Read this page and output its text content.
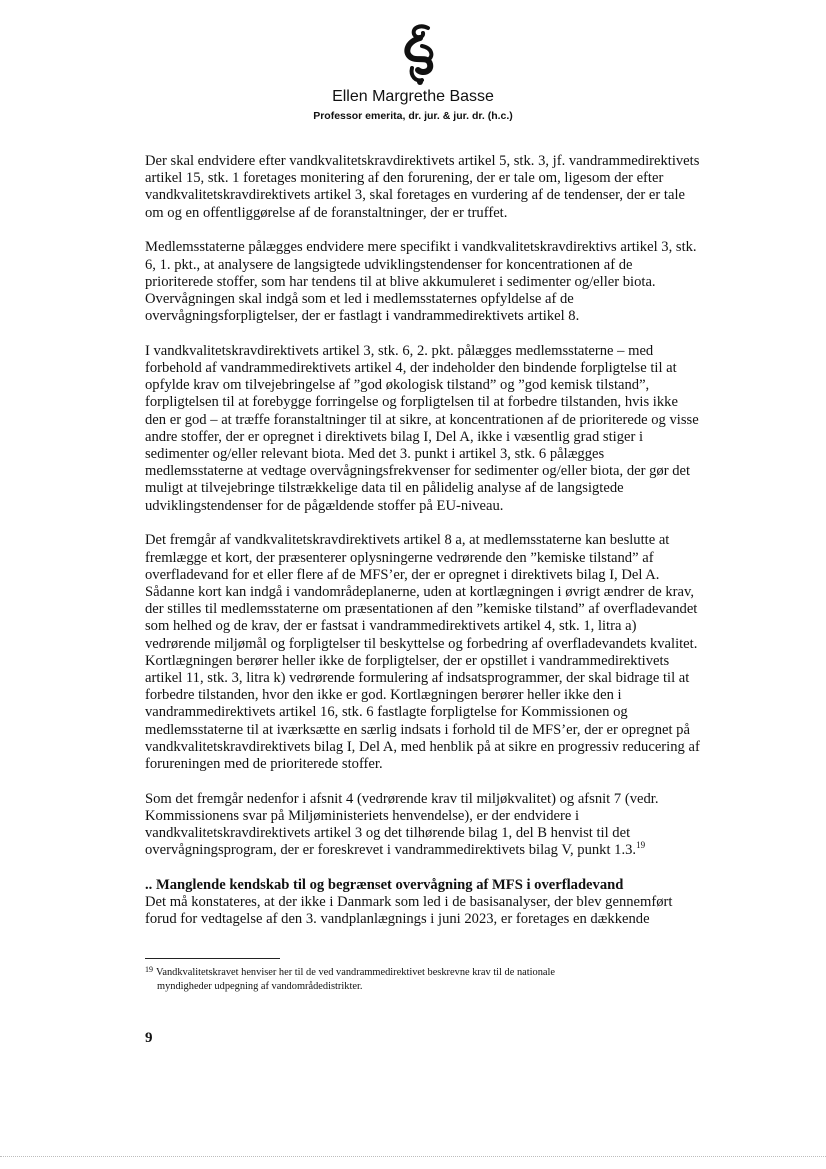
Ellen Margrethe Basse
Professor emerita, dr. jur. & jur. dr. (h.c.)

Der skal endvidere efter vandkvalitetskravdirektivets artikel 5, stk. 3, jf. vandrammedirektivets artikel 15, stk. 1 foretages monitering af den forurening, der er tale om, ligesom der efter vandkvalitetskravdirektivets artikel 3, skal foretages en vurdering af de tendenser, der er tale om og en offentliggørelse af de foranstaltninger, der er truffet.

Medlemsstaterne pålægges endvidere mere specifikt i vandkvalitetskravdirektivs artikel 3, stk. 6, 1. pkt., at analysere de langsigtede udviklingstendenser for koncentrationen af de prioriterede stoffer, som har tendens til at blive akkumuleret i sedimenter og/eller biota. Overvågningen skal indgå som et led i medlemsstaternes opfyldelse af de overvågningsforpligtelser, der er fastlagt i vandrammedirektivets artikel 8.

I vandkvalitetskravdirektivets artikel 3, stk. 6, 2. pkt. pålægges medlemsstaterne – med forbehold af vandrammedirektivets artikel 4, der indeholder den bindende forpligtelse til at opfylde krav om tilvejebringelse af ”god økologisk tilstand” og ”god kemisk tilstand”, forpligtelsen til at forebygge forringelse og forpligtelsen til at forbedre tilstanden, hvis ikke den er god – at træffe foranstaltninger til at sikre, at koncentrationen af de prioriterede og visse andre stoffer, der er opregnet i direktivets bilag I, Del A, ikke i væsentlig grad stiger i sedimenter og/eller relevant biota. Med det 3. punkt i artikel 3, stk. 6 pålægges medlemsstaterne at vedtage overvågningsfrekvenser for sedimenter og/eller biota, der gør det muligt at tilvejebringe tilstrækkelige data til en pålidelig analyse af de langsigtede udviklingstendenser for de pågældende stoffer på EU-niveau.

Det fremgår af vandkvalitetskravdirektivets artikel 8 a, at medlemsstaterne kan beslutte at fremlægge et kort, der præsenterer oplysningerne vedrørende den ”kemiske tilstand” af overfladevand for et eller flere af de MFS’er, der er opregnet i direktivets bilag I, Del A. Sådanne kort kan indgå i vandområdeplanerne, uden at kortlægningen i øvrigt ændrer de krav, der stilles til medlemsstaterne om præsentationen af den ”kemiske tilstand” af overfladevandet som helhed og de krav, der er fastsat i vandrammedirektivets artikel 4, stk. 1, litra a) vedrørende miljømål og forpligtelser til beskyttelse og forbedring af overfladevandets kvalitet. Kortlægningen berører heller ikke de forpligtelser, der er opstillet i vandrammedirektivets artikel 11, stk. 3, litra k) vedrørende formulering af indsatsprogrammer, der skal bidrage til at forbedre tilstanden, hvor den ikke er god. Kortlægningen berører heller ikke den i vandrammedirektivets artikel 16, stk. 6 fastlagte forpligtelse for Kommissionen og medlemsstaterne til at iværksætte en særlig indsats i forhold til de MFS’er, der er opregnet på vandkvalitetskravdirektivets bilag I, Del A, med henblik på at sikre en progressiv reducering af forureningen med de prioriterede stoffer.

Som det fremgår nedenfor i afsnit 4 (vedrørende krav til miljøkvalitet) og afsnit 7 (vedr. Kommissionens svar på Miljøministeriets henvendelse), er der endvidere i vandkvalitetskravdirektivets artikel 3 og det tilhørende bilag 1, del B henvist til det overvågningsprogram, der er foreskrevet i vandrammedirektivets bilag V, punkt 1.3.19

.. Manglende kendskab til og begrænset overvågning af MFS i overfladevand

Det må konstateres, at der ikke i Danmark som led i de basisanalyser, der blev gennemført forud for vedtagelse af den 3. vandplanlægnings i juni 2023, er foretages en dækkende

$^{19}$ Vandkvalitetskravet henviser her til de ved vandrammedirektivet beskrevne krav til de nationale
myndigheder udpegning af vandområdedistrikter.
9
